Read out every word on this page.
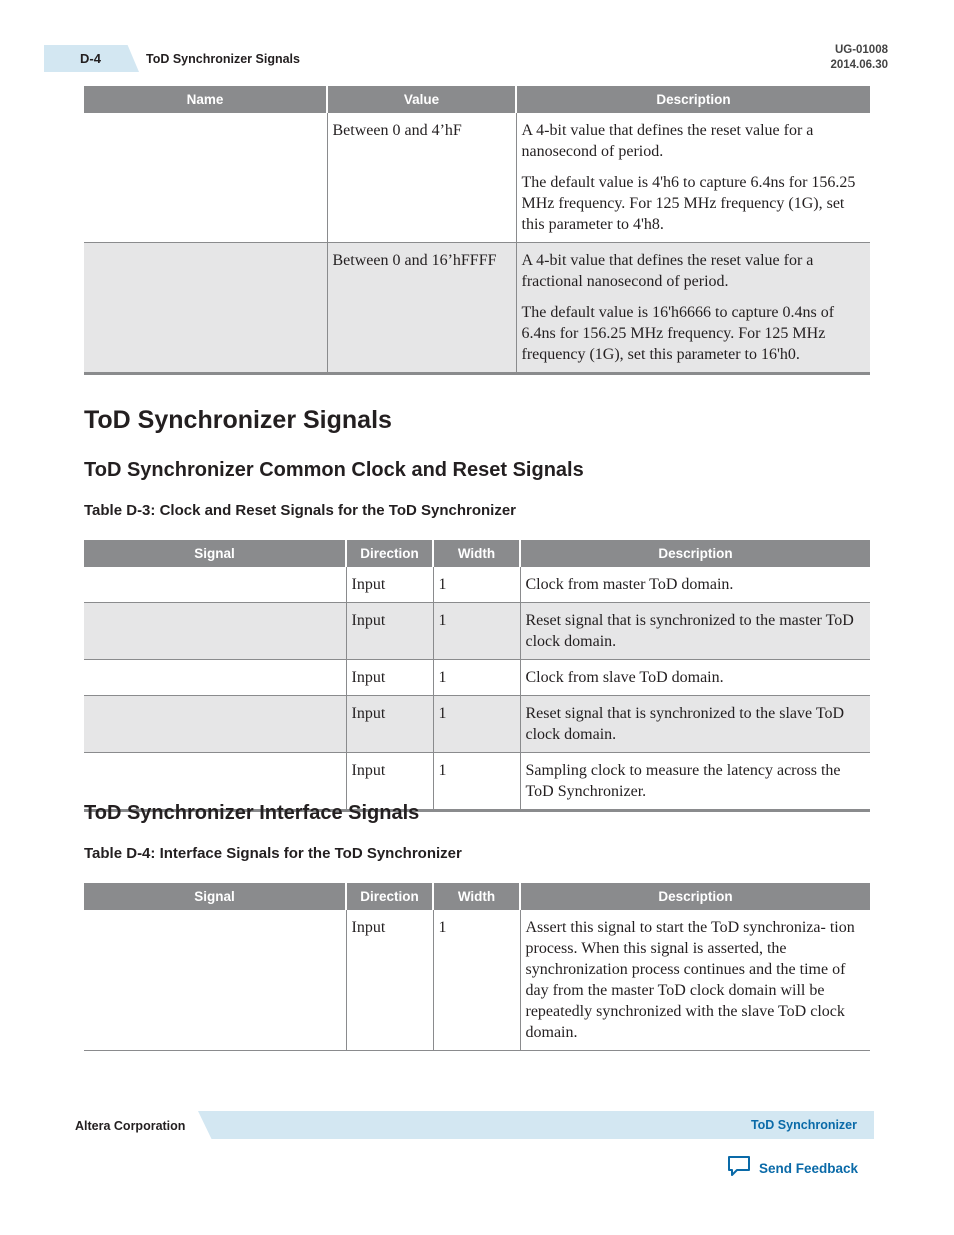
D-4	ToD Synchronizer Signals
UG-01008
2014.06.30
Name	Value	Description
	Between 0 and 4’hF	A 4-bit value that defines the reset value for a nanosecond of period.

The default value is 4'h6 to capture 6.4ns for 156.25 MHz frequency. For 125 MHz frequency (1G), set this parameter to 4'h8.

	Between 0 and 16’hFFFF	A 4-bit value that defines the reset value for a fractional nanosecond of period.

The default value is 16'h6666 to capture 0.4ns of 6.4ns for 156.25 MHz frequency. For 125 MHz frequency (1G), set this parameter to 16'h0.

ToD Synchronizer Signals
ToD Synchronizer Common Clock and Reset Signals
Table D-3: Clock and Reset Signals for the ToD Synchronizer
Signal	Direction	Width	Description
	Input	1	Clock from master ToD domain.
	Input	1	Reset signal that is synchronized to the master ToD clock domain.
	Input	1	Clock from slave ToD domain.
	Input	1	Reset signal that is synchronized to the slave ToD clock domain.
	Input	1	Sampling clock to measure the latency across the ToD Synchronizer.
ToD Synchronizer Interface Signals
Table D-4: Interface Signals for the ToD Synchronizer
Signal	Direction	Width	Description
	Input	1	Assert this signal to start the ToD synchroniza- tion process. When this signal is asserted, the synchronization process continues and the time of day from the master ToD clock domain will be repeatedly synchronized with the slave ToD clock domain.
Altera Corporation	ToD Synchronizer
Send Feedback
